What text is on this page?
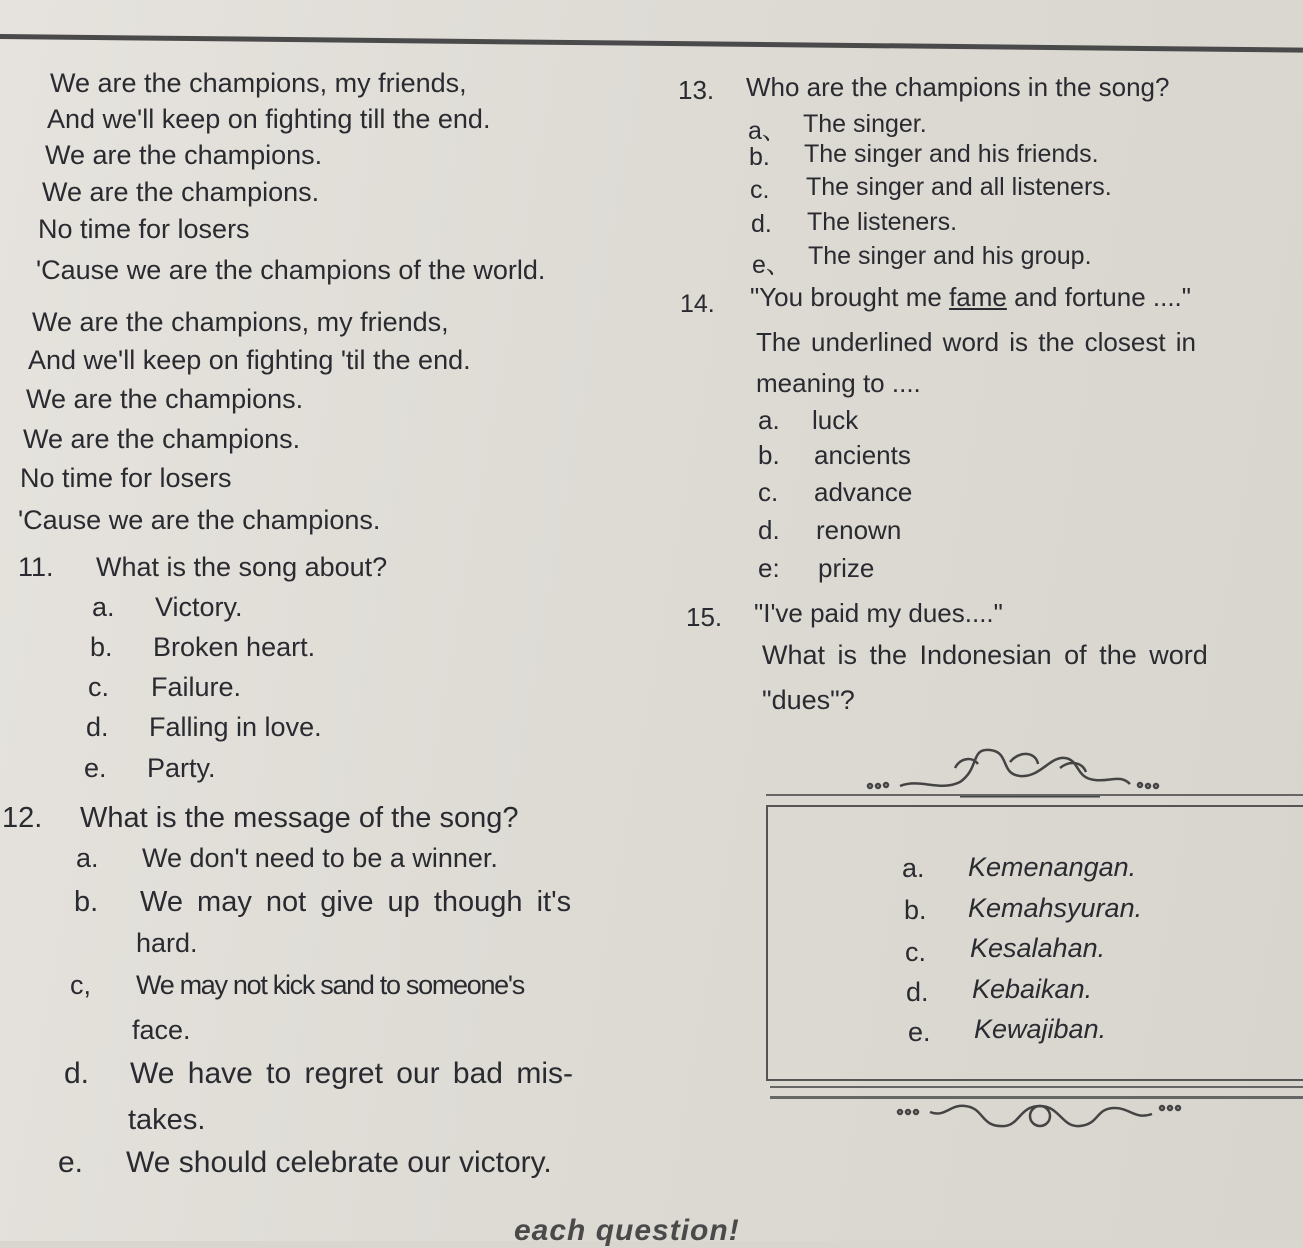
We are the champions, my friends,
And we'll keep on fighting till the end.
We are the champions.
We are the champions.
No time for losers
'Cause we are the champions of the world.
We are the champions, my friends,
And we'll keep on fighting 'til the end.
We are the champions.
We are the champions.
No time for losers
'Cause we are the champions.
11. What is the song about?
a. Victory.
b. Broken heart.
c. Failure.
d. Falling in love.
e. Party.
12. What is the message of the song?
a. We don't need to be a winner.
b. We may not give up though it's
hard.
c, We may not kick sand to someone's
face.
d. We have to regret our bad mis-
takes.
e. We should celebrate our victory.
13. Who are the champions in the song?
a、 The singer.
b. The singer and his friends.
c. The singer and all listeners.
d. The listeners.
e、 The singer and his group.
14. "You brought me fame and fortune ...."
The underlined word is the closest in
meaning to ....
a. luck
b. ancients
c. advance
d. renown
e: prize
15. "I've paid my dues...."
What is the Indonesian of the word
"dues"?
a. Kemenangan.
b. Kemahsyuran.
c. Kesalahan.
d. Kebaikan.
e. Kewajiban.
each question!
